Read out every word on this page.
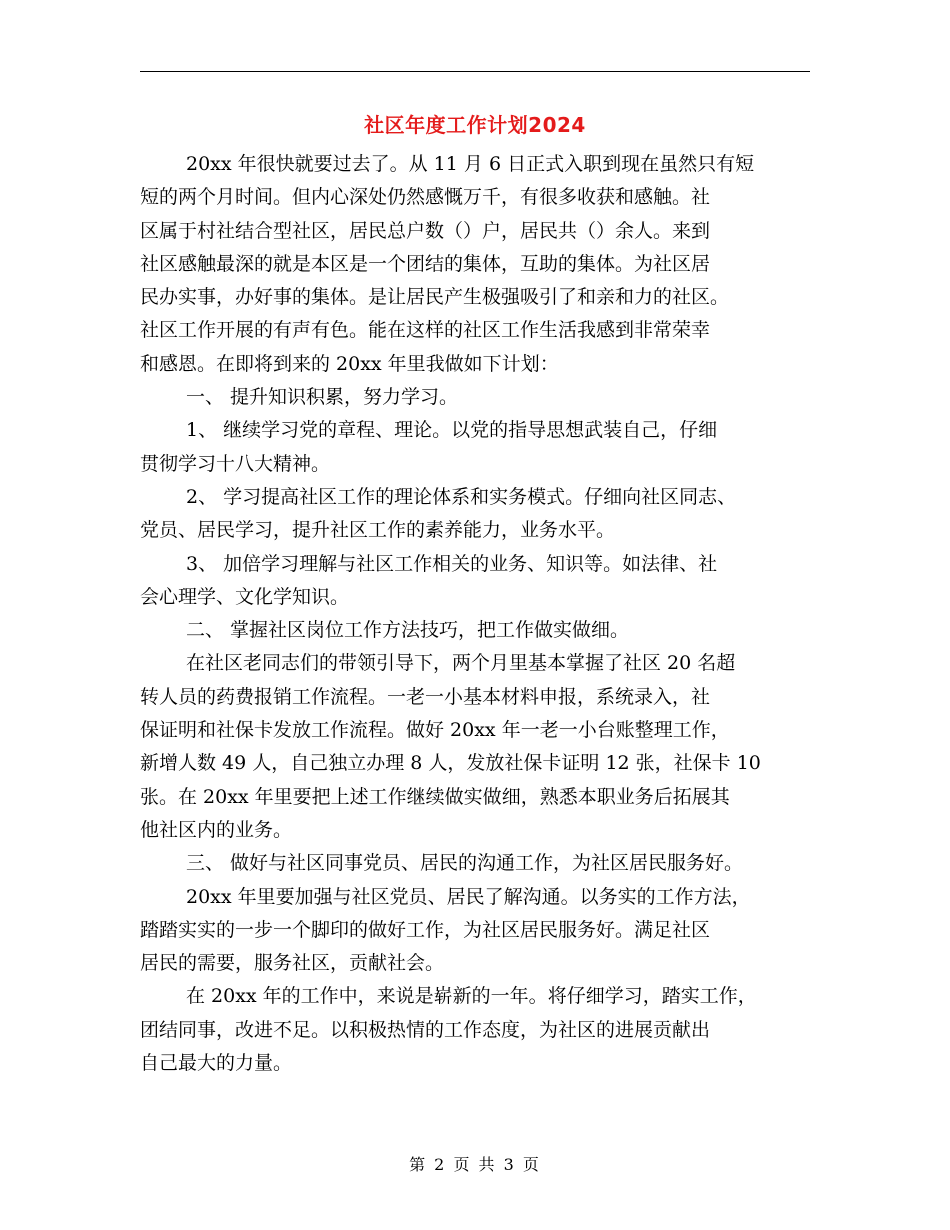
社区年度工作计划2024
20xx 年很快就要过去了。从 11 月 6 日正式入职到现在虽然只有短
短的两个月时间。但内心深处仍然感慨万千，有很多收获和感触。社
区属于村社结合型社区，居民总户数（）户，居民共（）余人。来到
社区感触最深的就是本区是一个团结的集体，互助的集体。为社区居
民办实事，办好事的集体。是让居民产生极强吸引了和亲和力的社区。
社区工作开展的有声有色。能在这样的社区工作生活我感到非常荣幸
和感恩。在即将到来的 20xx 年里我做如下计划：
一、 提升知识积累，努力学习。
1、 继续学习党的章程、理论。以党的指导思想武装自己，仔细
贯彻学习十八大精神。
2、 学习提高社区工作的理论体系和实务模式。仔细向社区同志、
党员、居民学习，提升社区工作的素养能力，业务水平。
3、 加倍学习理解与社区工作相关的业务、知识等。如法律、社
会心理学、文化学知识。
二、 掌握社区岗位工作方法技巧，把工作做实做细。
在社区老同志们的带领引导下，两个月里基本掌握了社区 20 名超
转人员的药费报销工作流程。一老一小基本材料申报，系统录入，社
保证明和社保卡发放工作流程。做好 20xx 年一老一小台账整理工作，
新增人数 49 人，自己独立办理 8 人，发放社保卡证明 12 张，社保卡 10
张。在 20xx 年里要把上述工作继续做实做细，熟悉本职业务后拓展其
他社区内的业务。
三、 做好与社区同事党员、居民的沟通工作，为社区居民服务好。
20xx 年里要加强与社区党员、居民了解沟通。以务实的工作方法，
踏踏实实的一步一个脚印的做好工作，为社区居民服务好。满足社区
居民的需要，服务社区，贡献社会。
在 20xx 年的工作中，来说是崭新的一年。将仔细学习，踏实工作，
团结同事，改进不足。以积极热情的工作态度，为社区的进展贡献出
自己最大的力量。
第 2 页 共 3 页
